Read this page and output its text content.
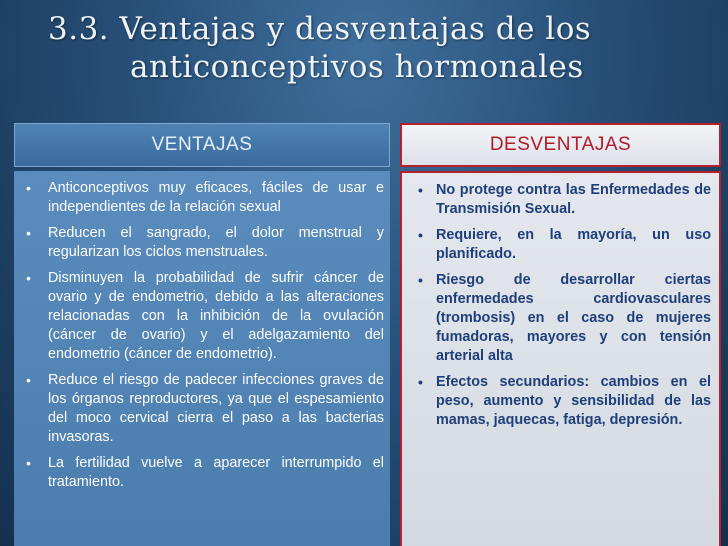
3.3. Ventajas y desventajas de los
anticonceptivos hormonales
VENTAJAS
• Anticonceptivos muy eficaces, fáciles de usar e independientes de la relación sexual
• Reducen el sangrado, el dolor menstrual y regularizan los ciclos menstruales.
• Disminuyen la probabilidad de sufrir cáncer de ovario y de endometrio, debido a las alteraciones relacionadas con la inhibición de la ovulación (cáncer de ovario) y el adelgazamiento del endometrio (cáncer de endometrio).
• Reduce el riesgo de padecer infecciones graves de los órganos reproductores, ya que el espesamiento del moco cervical cierra el paso a las bacterias invasoras.
• La fertilidad vuelve a aparecer interrumpido el tratamiento.
DESVENTAJAS
• No protege contra las Enfermedades de Transmisión Sexual.
• Requiere, en la mayoría, un uso planificado.
• Riesgo de desarrollar ciertas enfermedades cardiovasculares (trombosis) en el caso de mujeres fumadoras, mayores y con tensión arterial alta
• Efectos secundarios: cambios en el peso, aumento y sensibilidad de las mamas, jaquecas, fatiga, depresión.
